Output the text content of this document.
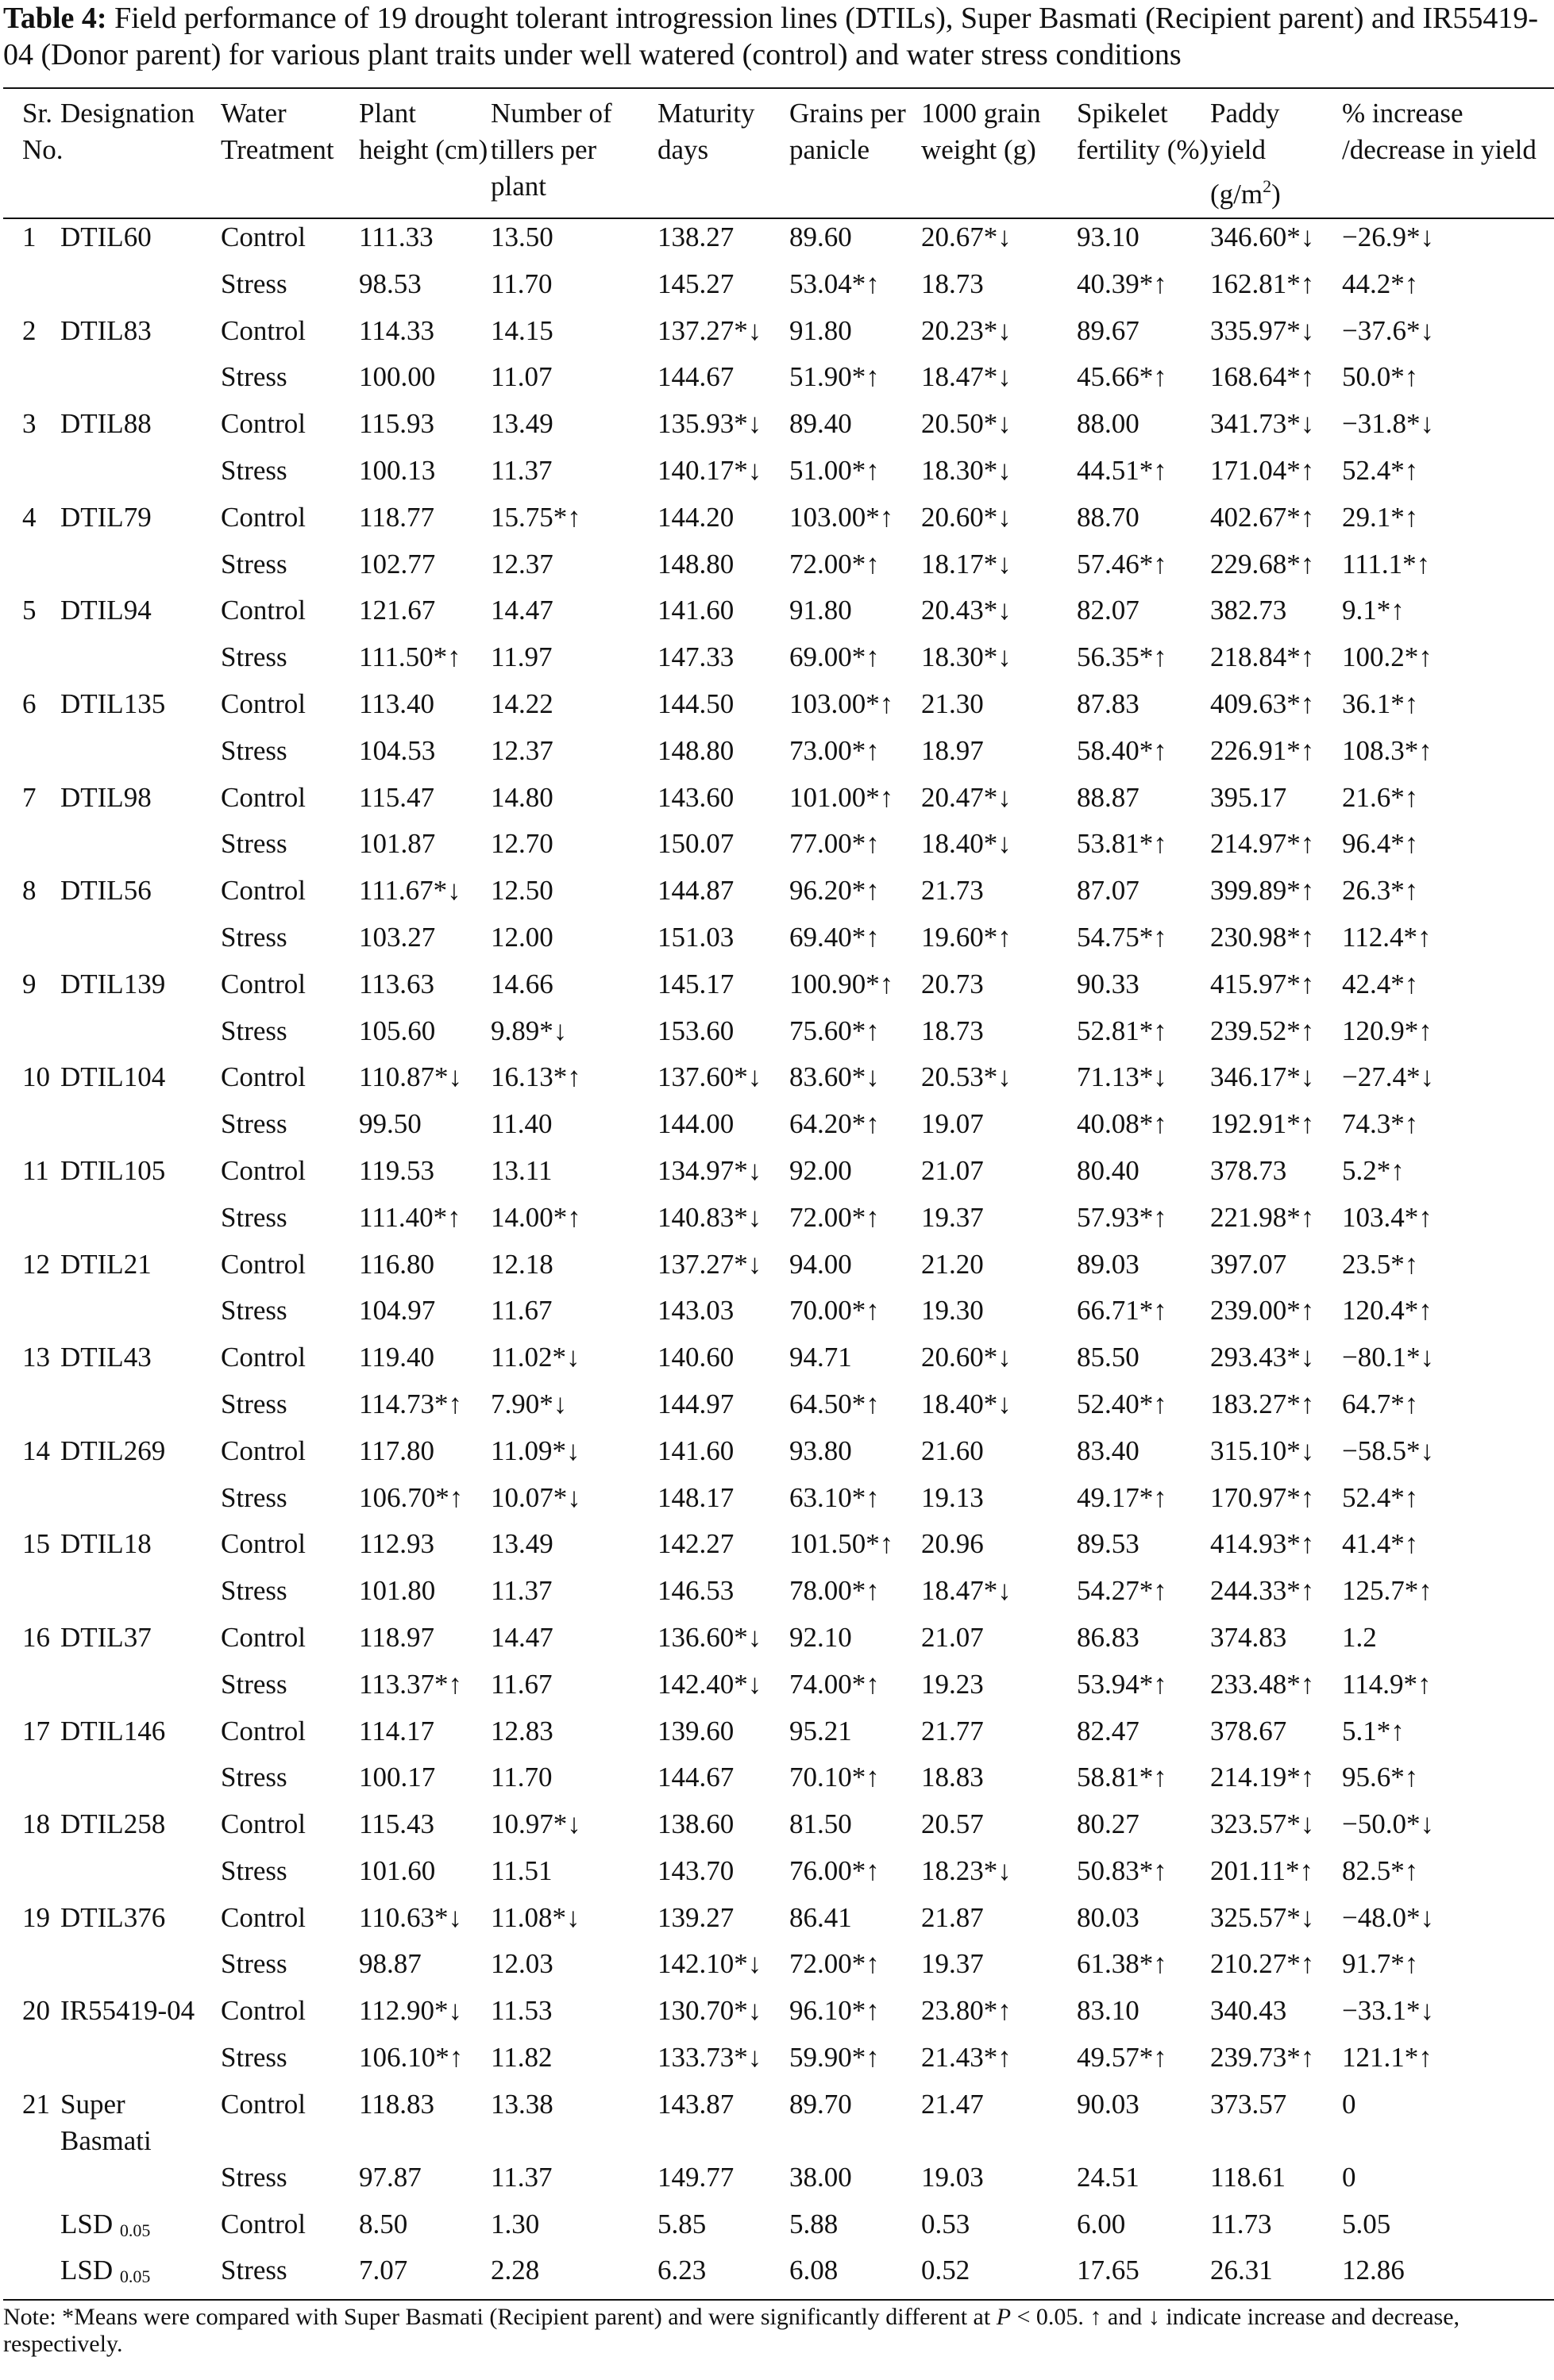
Table 4: Field performance of 19 drought tolerant introgression lines (DTILs), Super Basmati (Recipient parent) and IR55419-04 (Donor parent) for various plant traits under well watered (control) and water stress conditions

Sr. No.	Designation	Water Treatment	Plant height (cm)	Number of tillers per plant	Maturity days	Grains per panicle	1000 grain weight (g)	Spikelet fertility (%)	Paddy yield $(g/m^2)$	% increase /decrease in yield
1	DTIL60	Control	111.33	13.50	138.27	89.60	20.67*↓	93.10	346.60*↓	−26.9*↓
		Stress	98.53	11.70	145.27	53.04*↑	18.73	40.39*↑	162.81*↑	44.2*↑
2	DTIL83	Control	114.33	14.15	137.27*↓	91.80	20.23*↓	89.67	335.97*↓	−37.6*↓
		Stress	100.00	11.07	144.67	51.90*↑	18.47*↓	45.66*↑	168.64*↑	50.0*↑
3	DTIL88	Control	115.93	13.49	135.93*↓	89.40	20.50*↓	88.00	341.73*↓	−31.8*↓
		Stress	100.13	11.37	140.17*↓	51.00*↑	18.30*↓	44.51*↑	171.04*↑	52.4*↑
4	DTIL79	Control	118.77	15.75*↑	144.20	103.00*↑	20.60*↓	88.70	402.67*↑	29.1*↑
		Stress	102.77	12.37	148.80	72.00*↑	18.17*↓	57.46*↑	229.68*↑	111.1*↑
5	DTIL94	Control	121.67	14.47	141.60	91.80	20.43*↓	82.07	382.73	9.1*↑
		Stress	111.50*↑	11.97	147.33	69.00*↑	18.30*↓	56.35*↑	218.84*↑	100.2*↑
6	DTIL135	Control	113.40	14.22	144.50	103.00*↑	21.30	87.83	409.63*↑	36.1*↑
		Stress	104.53	12.37	148.80	73.00*↑	18.97	58.40*↑	226.91*↑	108.3*↑
7	DTIL98	Control	115.47	14.80	143.60	101.00*↑	20.47*↓	88.87	395.17	21.6*↑
		Stress	101.87	12.70	150.07	77.00*↑	18.40*↓	53.81*↑	214.97*↑	96.4*↑
8	DTIL56	Control	111.67*↓	12.50	144.87	96.20*↑	21.73	87.07	399.89*↑	26.3*↑
		Stress	103.27	12.00	151.03	69.40*↑	19.60*↑	54.75*↑	230.98*↑	112.4*↑
9	DTIL139	Control	113.63	14.66	145.17	100.90*↑	20.73	90.33	415.97*↑	42.4*↑
		Stress	105.60	9.89*↓	153.60	75.60*↑	18.73	52.81*↑	239.52*↑	120.9*↑
10	DTIL104	Control	110.87*↓	16.13*↑	137.60*↓	83.60*↓	20.53*↓	71.13*↓	346.17*↓	−27.4*↓
		Stress	99.50	11.40	144.00	64.20*↑	19.07	40.08*↑	192.91*↑	74.3*↑
11	DTIL105	Control	119.53	13.11	134.97*↓	92.00	21.07	80.40	378.73	5.2*↑
		Stress	111.40*↑	14.00*↑	140.83*↓	72.00*↑	19.37	57.93*↑	221.98*↑	103.4*↑
12	DTIL21	Control	116.80	12.18	137.27*↓	94.00	21.20	89.03	397.07	23.5*↑
		Stress	104.97	11.67	143.03	70.00*↑	19.30	66.71*↑	239.00*↑	120.4*↑
13	DTIL43	Control	119.40	11.02*↓	140.60	94.71	20.60*↓	85.50	293.43*↓	−80.1*↓
		Stress	114.73*↑	7.90*↓	144.97	64.50*↑	18.40*↓	52.40*↑	183.27*↑	64.7*↑
14	DTIL269	Control	117.80	11.09*↓	141.60	93.80	21.60	83.40	315.10*↓	−58.5*↓
		Stress	106.70*↑	10.07*↓	148.17	63.10*↑	19.13	49.17*↑	170.97*↑	52.4*↑
15	DTIL18	Control	112.93	13.49	142.27	101.50*↑	20.96	89.53	414.93*↑	41.4*↑
		Stress	101.80	11.37	146.53	78.00*↑	18.47*↓	54.27*↑	244.33*↑	125.7*↑
16	DTIL37	Control	118.97	14.47	136.60*↓	92.10	21.07	86.83	374.83	1.2
		Stress	113.37*↑	11.67	142.40*↓	74.00*↑	19.23	53.94*↑	233.48*↑	114.9*↑
17	DTIL146	Control	114.17	12.83	139.60	95.21	21.77	82.47	378.67	5.1*↑
		Stress	100.17	11.70	144.67	70.10*↑	18.83	58.81*↑	214.19*↑	95.6*↑
18	DTIL258	Control	115.43	10.97*↓	138.60	81.50	20.57	80.27	323.57*↓	−50.0*↓
		Stress	101.60	11.51	143.70	76.00*↑	18.23*↓	50.83*↑	201.11*↑	82.5*↑
19	DTIL376	Control	110.63*↓	11.08*↓	139.27	86.41	21.87	80.03	325.57*↓	−48.0*↓
		Stress	98.87	12.03	142.10*↓	72.00*↑	19.37	61.38*↑	210.27*↑	91.7*↑
20	IR55419-04	Control	112.90*↓	11.53	130.70*↓	96.10*↑	23.80*↑	83.10	340.43	−33.1*↓
		Stress	106.10*↑	11.82	133.73*↓	59.90*↑	21.43*↑	49.57*↑	239.73*↑	121.1*↑
21	Super Basmati	Control	118.83	13.38	143.87	89.70	21.47	90.03	373.57	0
		Stress	97.87	11.37	149.77	38.00	19.03	24.51	118.61	0
	LSD 0.05	Control	8.50	1.30	5.85	5.88	0.53	6.00	11.73	5.05
	LSD 0.05	Stress	7.07	2.28	6.23	6.08	0.52	17.65	26.31	12.86

Note: *Means were compared with Super Basmati (Recipient parent) and were significantly different at P < 0.05. ↑ and ↓ indicate increase and decrease, respectively.
